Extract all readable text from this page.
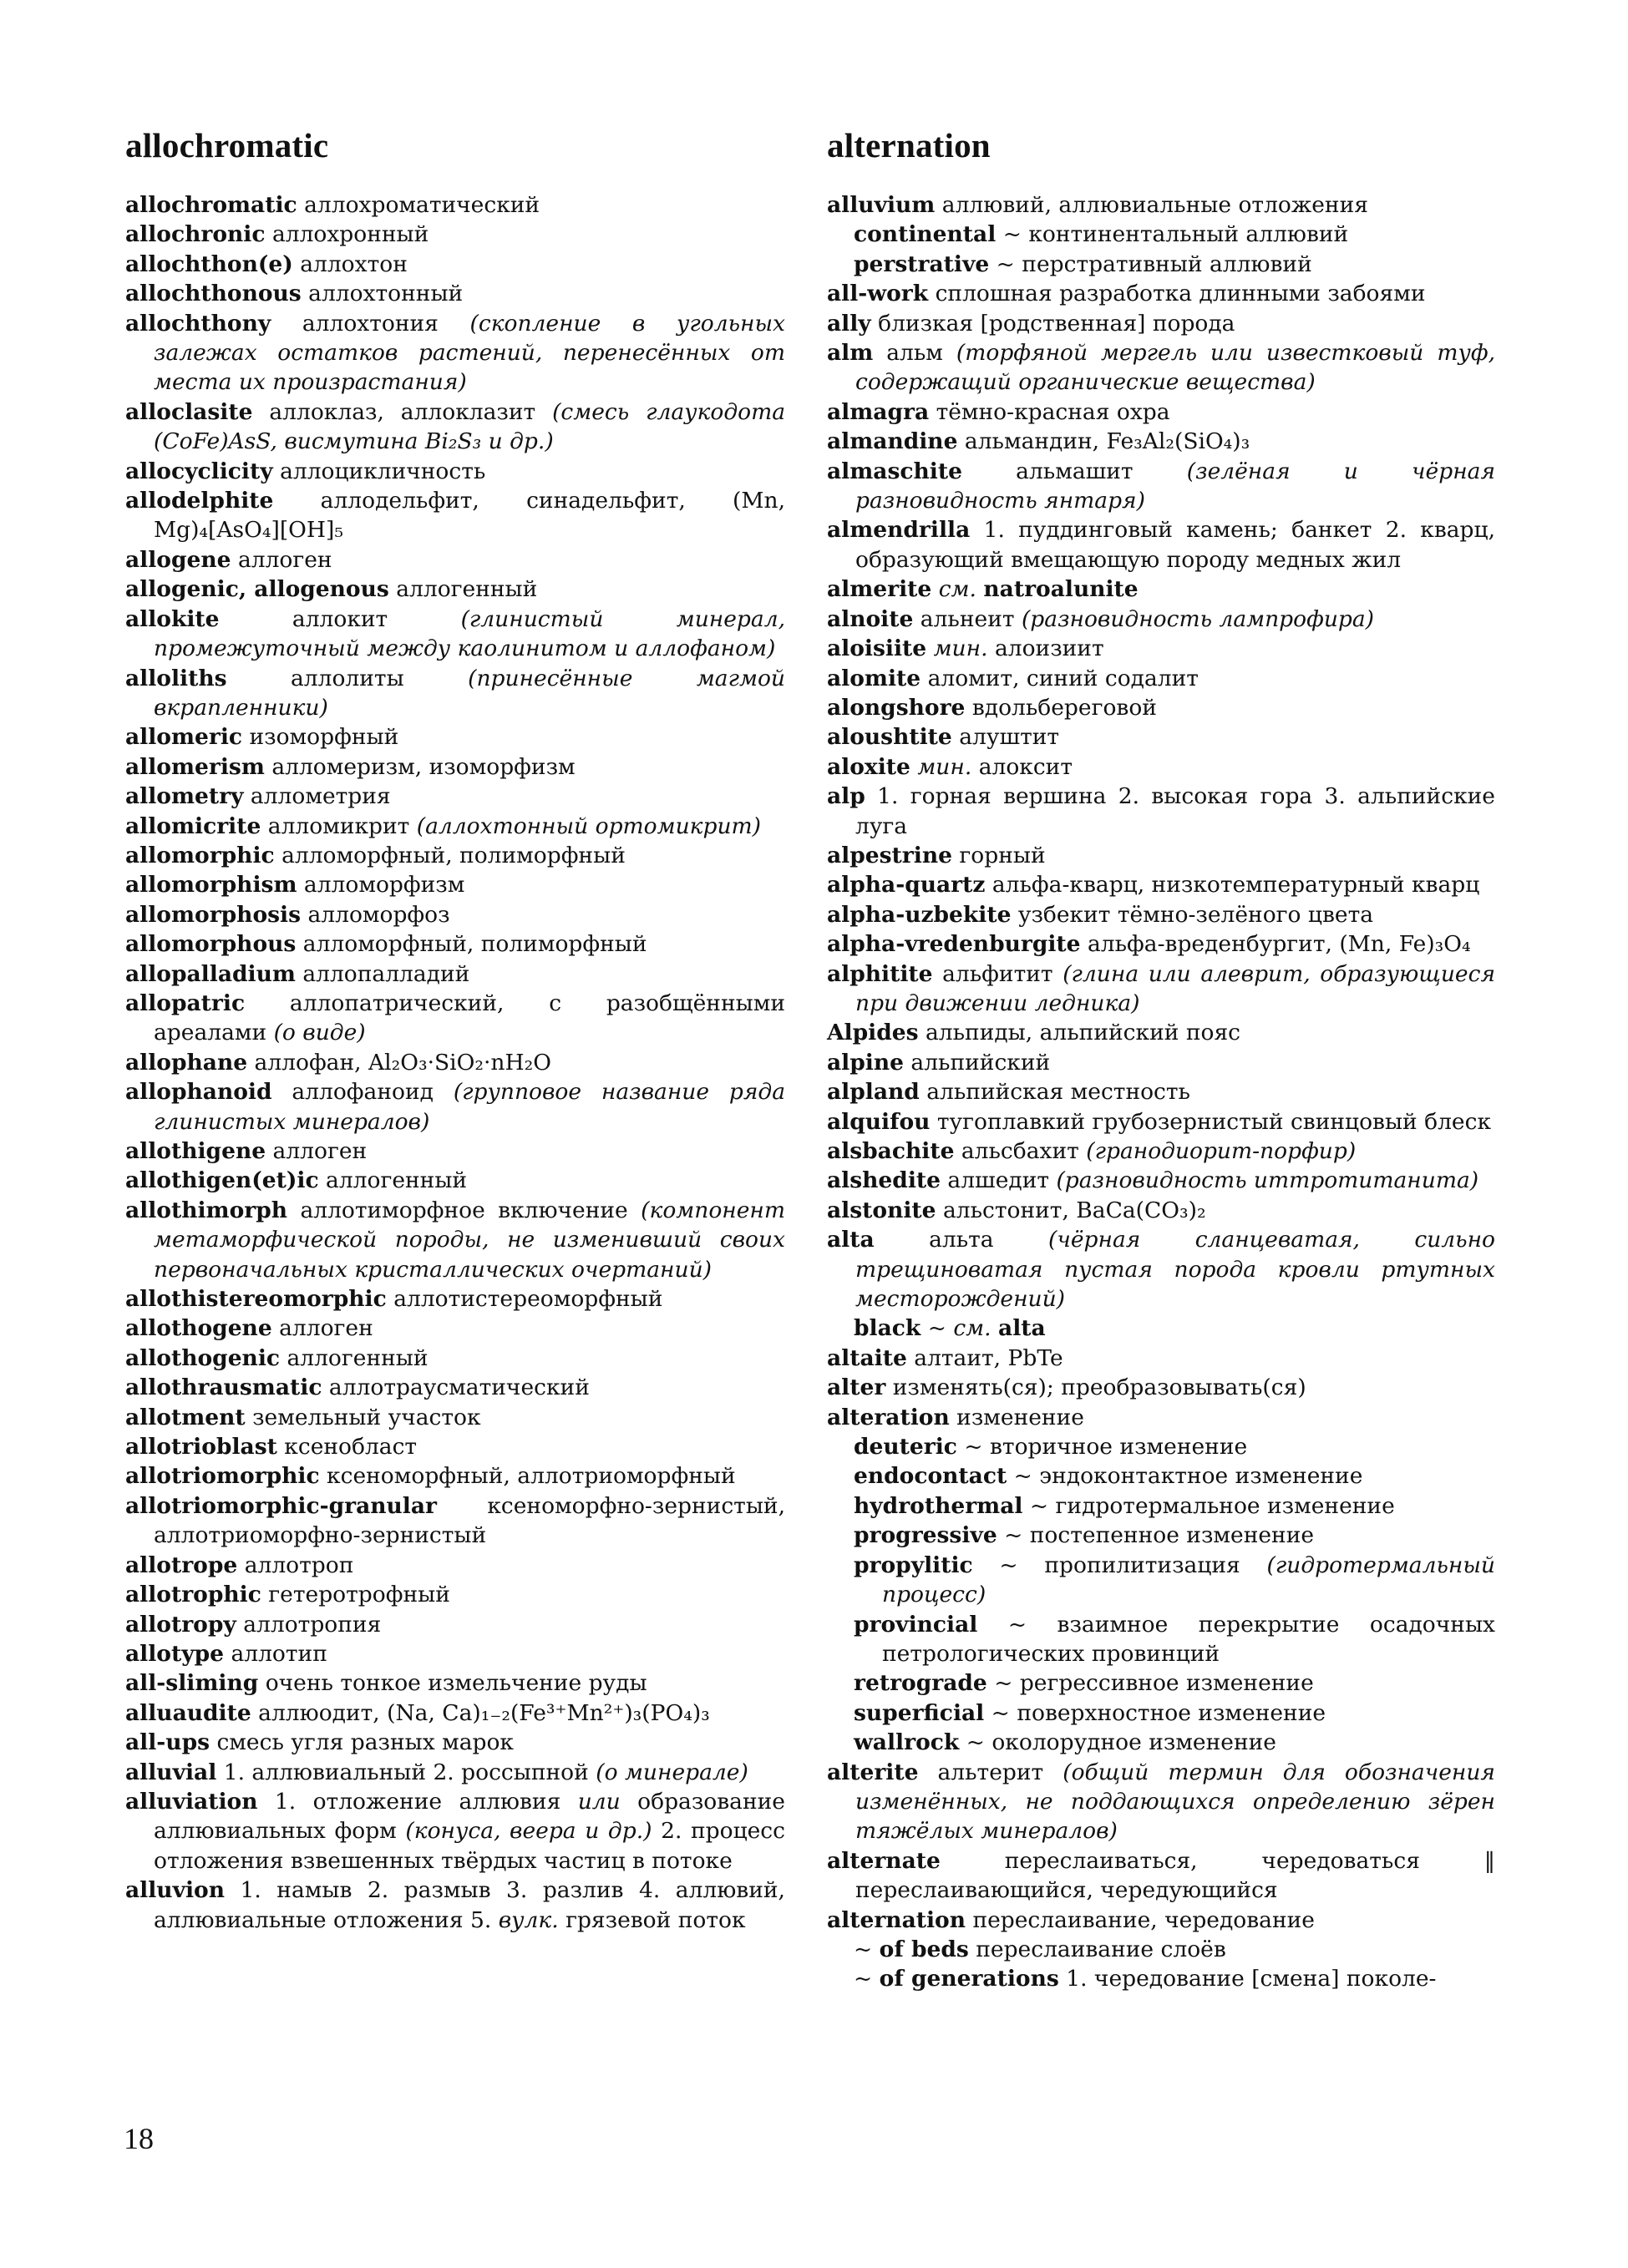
allochromatic	alternation
allochromatic аллохроматический
allochronic аллохронный
allochthon(e) аллохтон
allochthonous аллохтонный
allochthony аллохтония (скопление в угольных залежах остатков растений, перенесённых от места их произрастания)
alloclasite аллоклаз, аллоклазит (смесь глаукодота (CoFe)AsS, висмутина Bi₂S₃ и др.)
allocyclicity аллоцикличность
allodelphite аллодельфит, синадельфит, (Mn, Mg)₄[AsO₄][OH]₅
allogene аллоген
allogenic, allogenous аллогенный
allokite	аллокит	(глинистый минерал, промежуточный между каолинитом и аллофаном)
alloliths	аллолиты	(принесённые магмой вкрапленники)
allomeric изоморфный
allomerism алломеризм, изоморфизм
allometry аллометрия
allomicrite алломикрит (аллохтонный ортомикрит)
allomorphic алломорфный, полиморфный
allomorphism алломорфизм
allomorphosis алломорфоз
allomorphous алломорфный, полиморфный
allopalladium аллопалладий
allopatric аллопатрический, с разобщёнными ареалами (о виде)
allophane аллофан, Al₂O₃·SiO₂·nH₂O
allophanoid аллофаноид (групповое название ряда глинистых минералов)
allothigene аллоген
allothigen(et)ic аллогенный
allothimorph аллотиморфное включение (компонент метаморфической породы, не изменивший своих первоначальных кристаллических очертаний)
allothistereomorphic аллотистереоморфный
allothogene аллоген
allothogenic аллогенный
allothrausmatic аллотраусматический
allotment земельный участок
allotrioblast ксенобласт
allotriomorphic ксеноморфный, аллотриоморфный
allotriomorphic-granular ксеноморфно-зернистый, аллотриоморфно-зернистый
allotrope аллотроп
allotrophic гетеротрофный
allotropy аллотропия
allotype аллотип
all-sliming очень тонкое измельчение руды
alluaudite аллюодит, (Na, Ca)₁₋₂(Fe³⁺Mn²⁺)₃(PO₄)₃
all-ups смесь угля разных марок
alluvial 1. аллювиальный 2. россыпной (о минерале)
alluviation 1. отложение аллювия или образование аллювиальных форм (конуса, веера и др.) 2. процесс отложения взвешенных твёрдых частиц в потоке
alluvion 1. намыв 2. размыв 3. разлив 4. аллювий, аллювиальные отложения 5. вулк. грязевой поток
alluvium аллювий, аллювиальные отложения
continental ~ континентальный аллювий
perstrative ~ перстративный аллювий
all-work сплошная разработка длинными забоями
ally близкая [родственная] порода
alm альм (торфяной мергель или известковый туф, содержащий органические вещества)
almagra тёмно-красная охра
almandine альмандин, Fe₃Al₂(SiO₄)₃
almaschite альмашит (зелёная и чёрная разновидность янтаря)
almendrilla 1. пуддинговый камень; банкет 2. кварц, образующий вмещающую породу медных жил
almerite см. natroalunite
alnoite альнеит (разновидность лампрофира)
aloisiite мин. алоизиит
alomite аломит, синий содалит
alongshore вдольбереговой
aloushtite алуштит
aloxite мин. алоксит
alp 1. горная вершина 2. высокая гора 3. альпийские луга
alpestrine горный
alpha-quartz альфа-кварц, низкотемпературный кварц
alpha-uzbekite узбекит тёмно-зелёного цвета
alpha-vredenburgite альфа-вреденбургит, (Mn, Fe)₃O₄
alphitite альфитит (глина или алеврит, образующиеся при движении ледника)
Alpides альпиды, альпийский пояс
alpine альпийский
alpland альпийская местность
alquifou тугоплавкий грубозернистый свинцовый блеск
alsbachite альсбахит (гранодиорит-порфир)
alshedite алшедит (разновидность иттротитанита)
alstonite альстонит, BaCa(CO₃)₂
alta альта (чёрная сланцеватая, сильно трещиноватая пустая порода кровли ртутных месторождений)
black ~ см. alta
altaite алтаит, PbTe
alter изменять(ся); преобразовывать(ся)
alteration изменение
deuteric ~ вторичное изменение
endocontact ~ эндоконтактное изменение
hydrothermal ~ гидротермальное изменение
progressive ~ постепенное изменение
propylitic ~ пропилитизация (гидротермальный процесс)
provincial ~ взаимное перекрытие осадочных петрологических провинций
retrograde ~ регрессивное изменение
superficial ~ поверхностное изменение
wallrock ~ околорудное изменение
alterite альтерит (общий термин для обозначения изменённых, не поддающихся определению зёрен тяжёлых минералов)
alternate	переслаиваться, чередоваться ‖ переслаивающийся, чередующийся
alternation переслаивание, чередование
~ of beds переслаивание слоёв
~ of generations 1. чередование [смена] поколе-
18
